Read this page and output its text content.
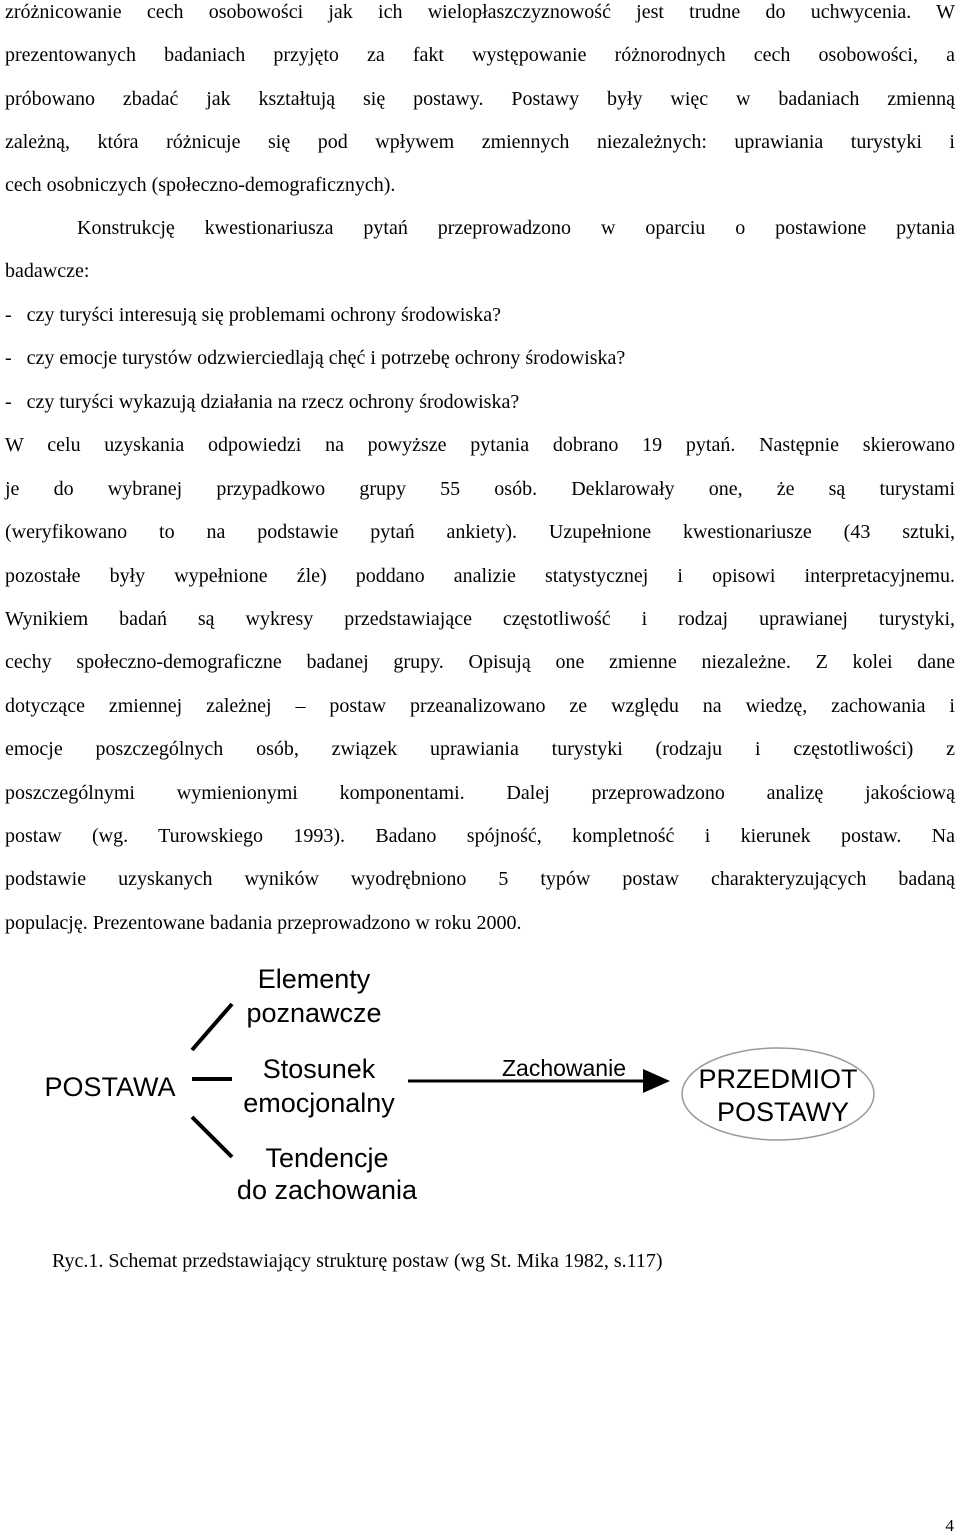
zróżnicowanie cech osobowości jak ich wielopłaszczyznowość jest trudne do uchwycenia. W
prezentowanych badaniach przyjęto za fakt występowanie różnorodnych cech osobowości, a
próbowano zbadać jak kształtują się postawy. Postawy były więc w badaniach zmienną
zależną, która różnicuje się pod wpływem zmiennych niezależnych: uprawiania turystyki i
cech osobniczych (społeczno-demograficznych).
Konstrukcję kwestionariusza pytań przeprowadzono w oparciu o postawione pytania
badawcze:
-   czy turyści interesują się problemami ochrony środowiska?
-   czy emocje turystów odzwierciedlają chęć i potrzebę ochrony środowiska?
-   czy turyści wykazują działania na rzecz ochrony środowiska?
W celu uzyskania odpowiedzi na powyższe pytania dobrano 19 pytań. Następnie skierowano
je do wybranej przypadkowo grupy 55 osób. Deklarowały one, że są turystami
(weryfikowano to na podstawie pytań ankiety). Uzupełnione kwestionariusze (43 sztuki,
pozostałe były wypełnione źle) poddano analizie statystycznej i opisowi interpretacyjnemu.
Wynikiem badań są wykresy przedstawiające częstotliwość i rodzaj uprawianej turystyki,
cechy społeczno-demograficzne badanej grupy. Opisują one zmienne niezależne. Z kolei dane
dotyczące zmiennej zależnej – postaw przeanalizowano ze względu na wiedzę, zachowania i
emocje poszczególnych osób, związek uprawiania turystyki (rodzaju i częstotliwości) z
poszczególnymi wymienionymi komponentami. Dalej przeprowadzono analizę jakościową
postaw (wg. Turowskiego 1993). Badano spójność, kompletność i kierunek postaw. Na
podstawie uzyskanych wyników wyodrębniono 5 typów postaw charakteryzujących badaną
populację. Prezentowane badania przeprowadzono w roku 2000.
POSTAWA
Elementy
poznawcze
Stosunek
emocjonalny
Tendencje
do zachowania
Zachowanie	PRZEDMIOT
POSTAWY
Ryc.1. Schemat przedstawiający strukturę postaw (wg St. Mika 1982, s.117)
4
